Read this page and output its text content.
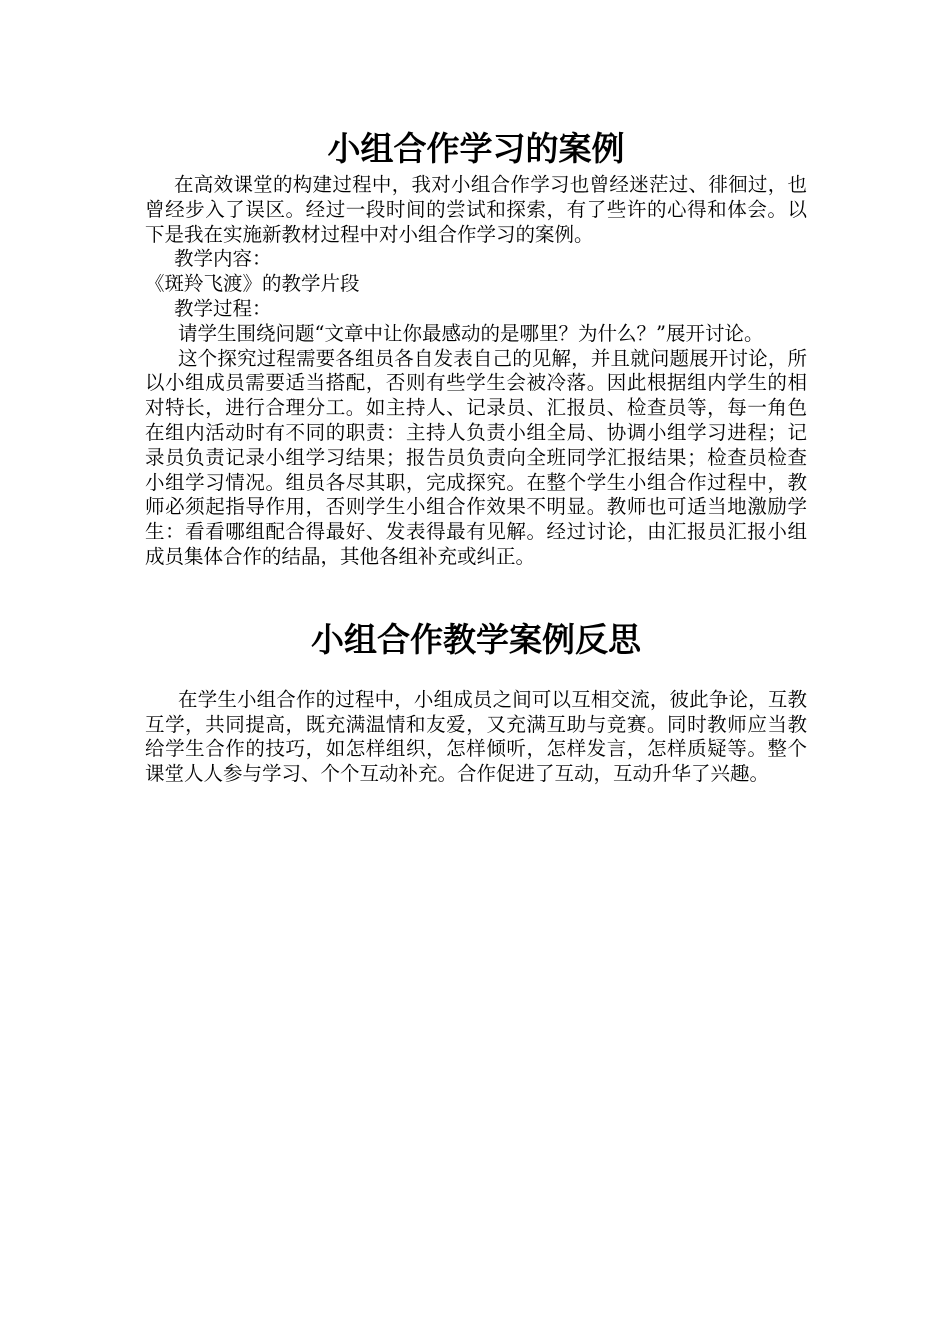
小组合作学习的案例

在高效课堂的构建过程中，我对小组合作学习也曾经迷茫过、徘徊过，也曾经步入了误区。经过一段时间的尝试和探索，有了些许的心得和体会。以下是我在实施新教材过程中对小组合作学习的案例。

教学内容：

《斑羚飞渡》的教学片段

教学过程：

请学生围绕问题“文章中让你最感动的是哪里？为什么？”展开讨论。

这个探究过程需要各组员各自发表自己的见解，并且就问题展开讨论，所以小组成员需要适当搭配，否则有些学生会被冷落。因此根据组内学生的相对特长，进行合理分工。如主持人、记录员、汇报员、检查员等，每一角色在组内活动时有不同的职责：主持人负责小组全局、协调小组学习进程；记录员负责记录小组学习结果；报告员负责向全班同学汇报结果；检查员检查小组学习情况。组员各尽其职，完成探究。在整个学生小组合作过程中，教师必须起指导作用，否则学生小组合作效果不明显。教师也可适当地激励学生：看看哪组配合得最好、发表得最有见解。经过讨论，由汇报员汇报小组成员集体合作的结晶，其他各组补充或纠正。

小组合作教学案例反思

在学生小组合作的过程中，小组成员之间可以互相交流，彼此争论，互教互学，共同提高，既充满温情和友爱，又充满互助与竞赛。同时教师应当教给学生合作的技巧，如怎样组织，怎样倾听，怎样发言，怎样质疑等。整个课堂人人参与学习、个个互动补充。合作促进了互动，互动升华了兴趣。
